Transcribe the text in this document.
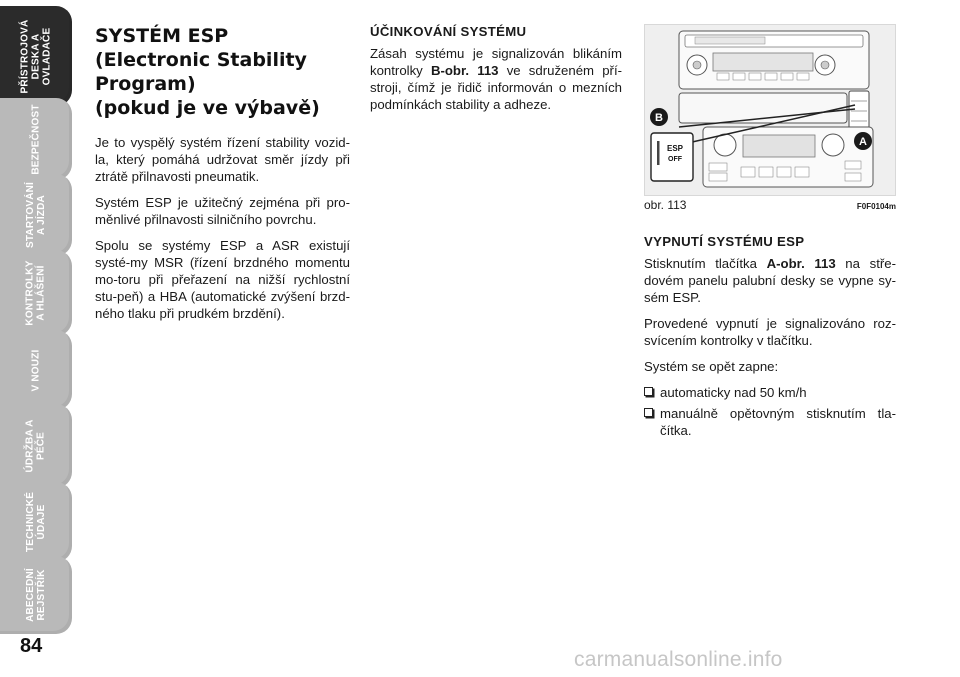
PŘÍSTROJOVÁ
DESKA A
OVLADAČE
BEZPEČNOST
STARTOVÁNÍ
A JÍZDA
KONTROLKY
A HLÁŠENÍ
V NOUZI
ÚDRŽBA A
PÉČE
TECHNICKÉ
ÚDAJE
ABECEDNÍ
REJSTŘÍK
84
SYSTÉM ESP
(Electronic Stability
Program)
(pokud je ve výbavě)

Je to vyspělý systém řízení stability vozid-la, který pomáhá udržovat směr jízdy při ztrátě přilnavosti pneumatik.

Systém ESP je užitečný zejména při pro-měnlivé přilnavosti silničního povrchu.

Spolu se systémy ESP a ASR existují systé-my MSR (řízení brzdného momentu mo-toru při přeřazení na nižší rychlostní stu-peň) a HBA (automatické zvýšení brzd-ného tlaku při prudkém brzdění).

ÚČINKOVÁNÍ SYSTÉMU

Zásah systému je signalizován blikáním kontrolky B-obr. 113 ve sdruženém pří-stroji, čímž je řidič informován o mezních podmínkách stability a adheze.

ESP
OFF
B
A
obr. 113	F0F0104m
VYPNUTÍ SYSTÉMU ESP

Stisknutím tlačítka A-obr. 113 na stře-dovém panelu palubní desky se vypne sy-sém ESP.

Provedené vypnutí je signalizováno roz-svícením kontrolky v tlačítku.

Systém se opět zapne:

automaticky nad 50 km/h
manuálně opětovným stisknutím tla-čítka.
carmanualsonline.info
